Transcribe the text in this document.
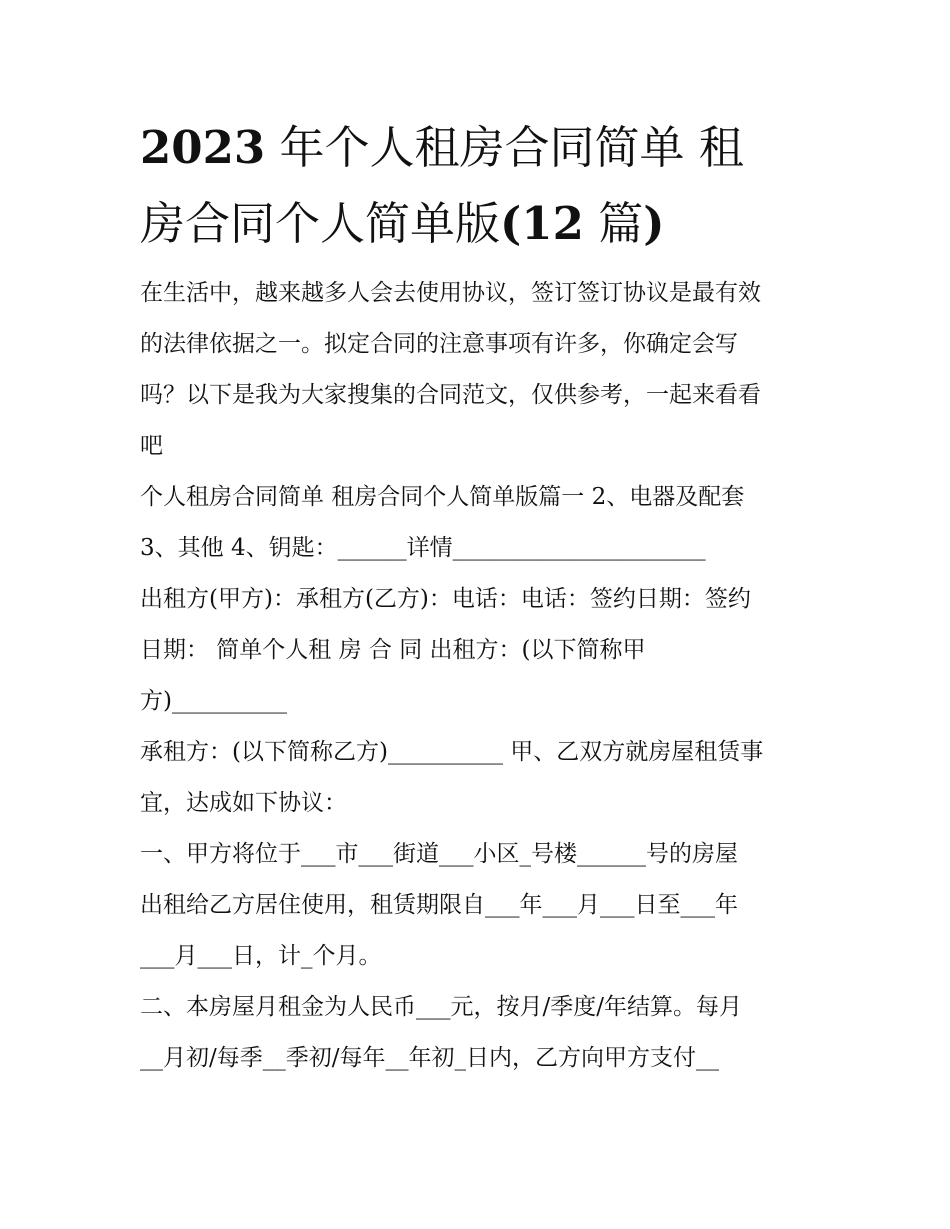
2023 年个人租房合同简单 租
房合同个人简单版(12 篇)

在生活中，越来越多人会去使用协议，签订签订协议是最有效
的法律依据之一。拟定合同的注意事项有许多，你确定会写
吗？以下是我为大家搜集的合同范文，仅供参考，一起来看看
吧

个人租房合同简单 租房合同个人简单版篇一 2、电器及配套
3、其他 4、钥匙：______详情______________________

出租方(甲方)：承租方(乙方)：电话：电话：签约日期：签约
日期： 简单个人租 房 合 同 出租方：(以下简称甲
方)__________

承租方：(以下简称乙方)__________ 甲、乙双方就房屋租赁事
宜，达成如下协议：

一、甲方将位于___市___街道___小区_号楼______号的房屋
出租给乙方居住使用，租赁期限自___年___月___日至___年
___月___日，计_个月。

二、本房屋月租金为人民币___元，按月/季度/年结算。每月
__月初/每季__季初/每年__年初_日内，乙方向甲方支付__
